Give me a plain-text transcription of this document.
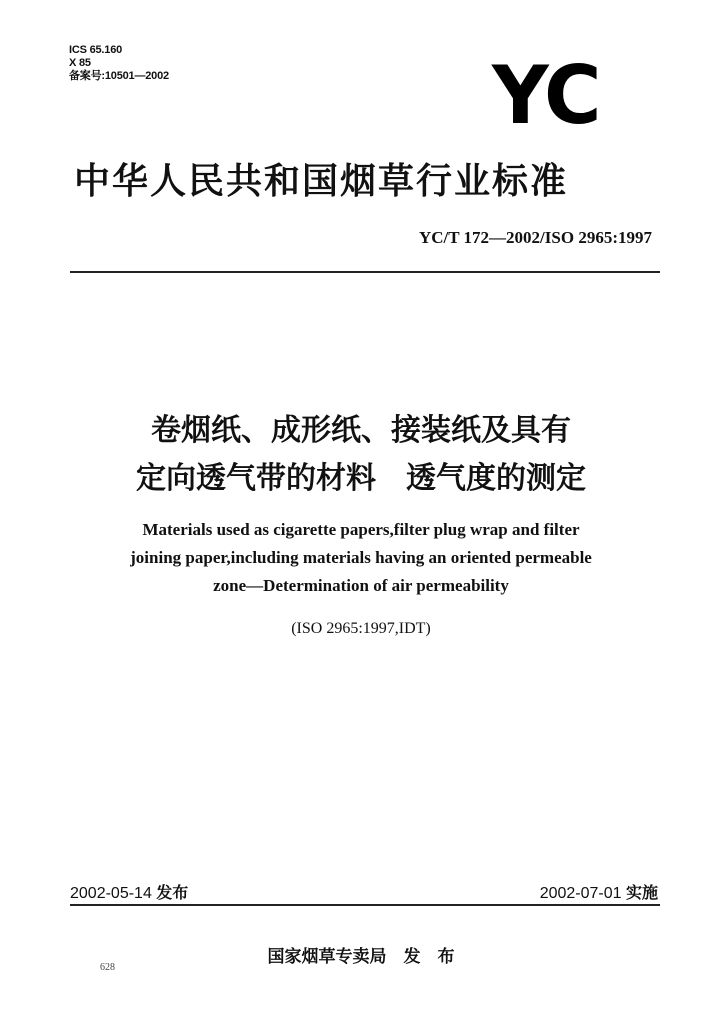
ICS 65.160
X 85
备案号:10501—2002	YC
中华人民共和国烟草行业标准
YC/T 172—2002/ISO 2965:1997
卷烟纸、成形纸、接装纸及具有
定向透气带的材料　透气度的测定
Materials used as cigarette papers,filter plug wrap and filter
joining paper,including materials having an oriented permeable
zone—Determination of air permeability
(ISO 2965:1997,IDT)
2002-05-14 发布	2002-07-01 实施
国家烟草专卖局　发　布
628
